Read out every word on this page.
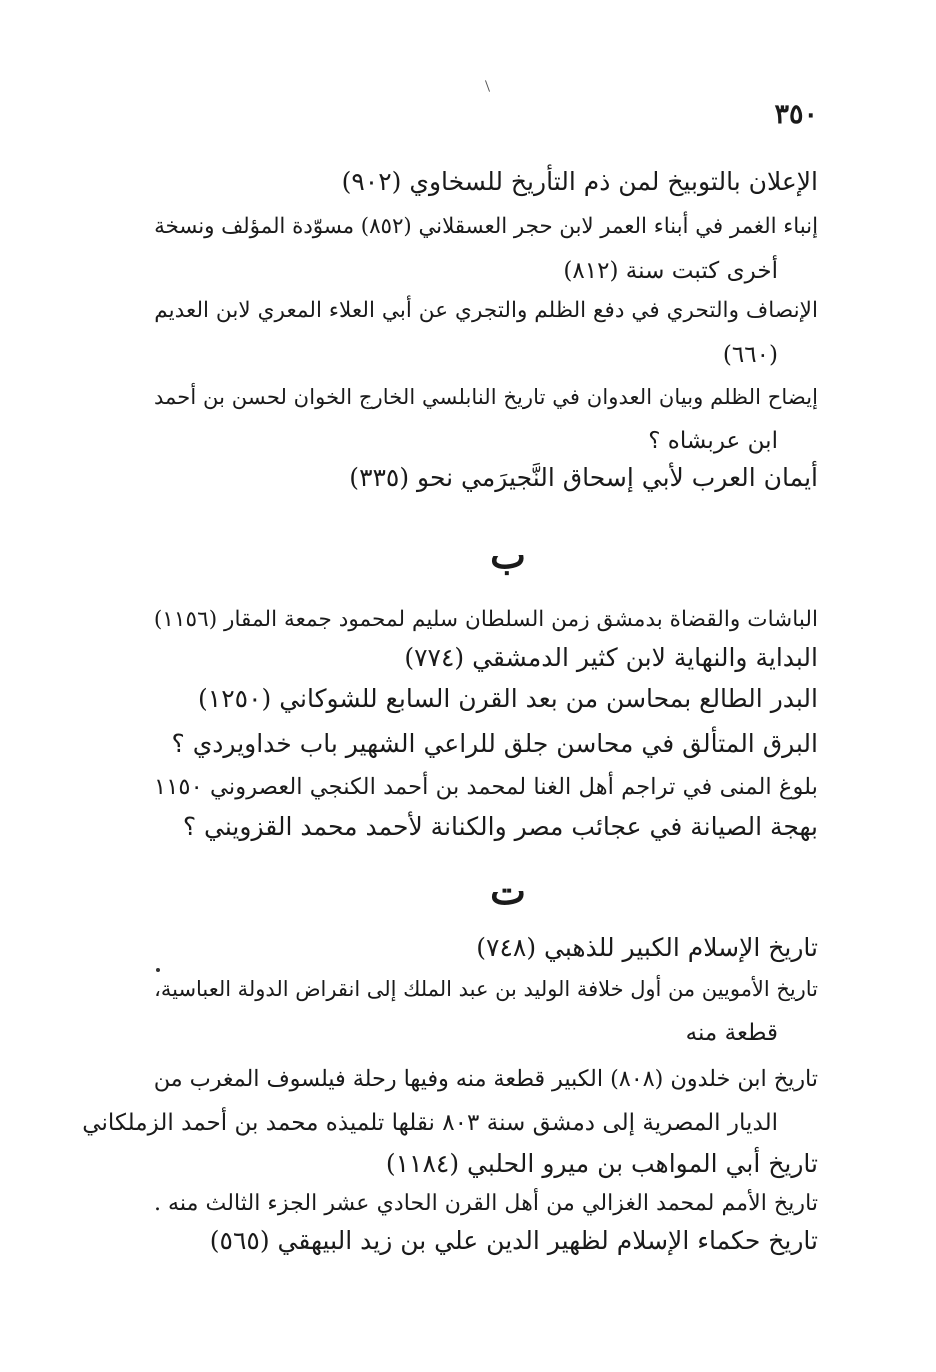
٣٥٠
الإعلان بالتوبيخ لمن ذم التأريخ للسخاوي (٩٠٢)
إنباء الغمر في أبناء العمر لابن حجر العسقلاني (٨٥٢) مسوّدة المؤلف ونسخة
أخرى كتبت سنة (٨١٢)
الإنصاف والتحري في دفع الظلم والتجري عن أبي العلاء المعري لابن العديم
(٦٦٠)
إيضاح الظلم وبيان العدوان في تاريخ النابلسي الخارج الخوان لحسن بن أحمد
ابن عربشاه ؟
أيمان العرب لأبي إسحاق النَّجيرَمي نحو (٣٣٥)
ب
الباشات والقضاة بدمشق زمن السلطان سليم لمحمود جمعة المقار (١١٥٦)
البداية والنهاية لابن كثير الدمشقي (٧٧٤)
البدر الطالع بمحاسن من بعد القرن السابع للشوكاني (١٢٥٠)
البرق المتألق في محاسن جلق للراعي الشهير باب خداويردي ؟
بلوغ المنى في تراجم أهل الغنا لمحمد بن أحمد الكنجي العصروني ١١٥٠
بهجة الصيانة في عجائب مصر والكنانة لأحمد محمد القزويني ؟
ت
تاريخ الإسلام الكبير للذهبي (٧٤٨)
تاريخ الأمويين من أول خلافة الوليد بن عبد الملك إلى انقراض الدولة العباسية،
قطعة منه
تاريخ ابن خلدون (٨٠٨) الكبير قطعة منه وفيها رحلة فيلسوف المغرب من
الديار المصرية إلى دمشق سنة ٨٠٣ نقلها تلميذه محمد بن أحمد الزملكاني
تاريخ أبي المواهب بن ميرو الحلبي (١١٨٤)
تاريخ الأمم لمحمد الغزالي من أهل القرن الحادي عشر الجزء الثالث منه .
تاريخ حكماء الإسلام لظهير الدين علي بن زيد البيهقي (٥٦٥)
